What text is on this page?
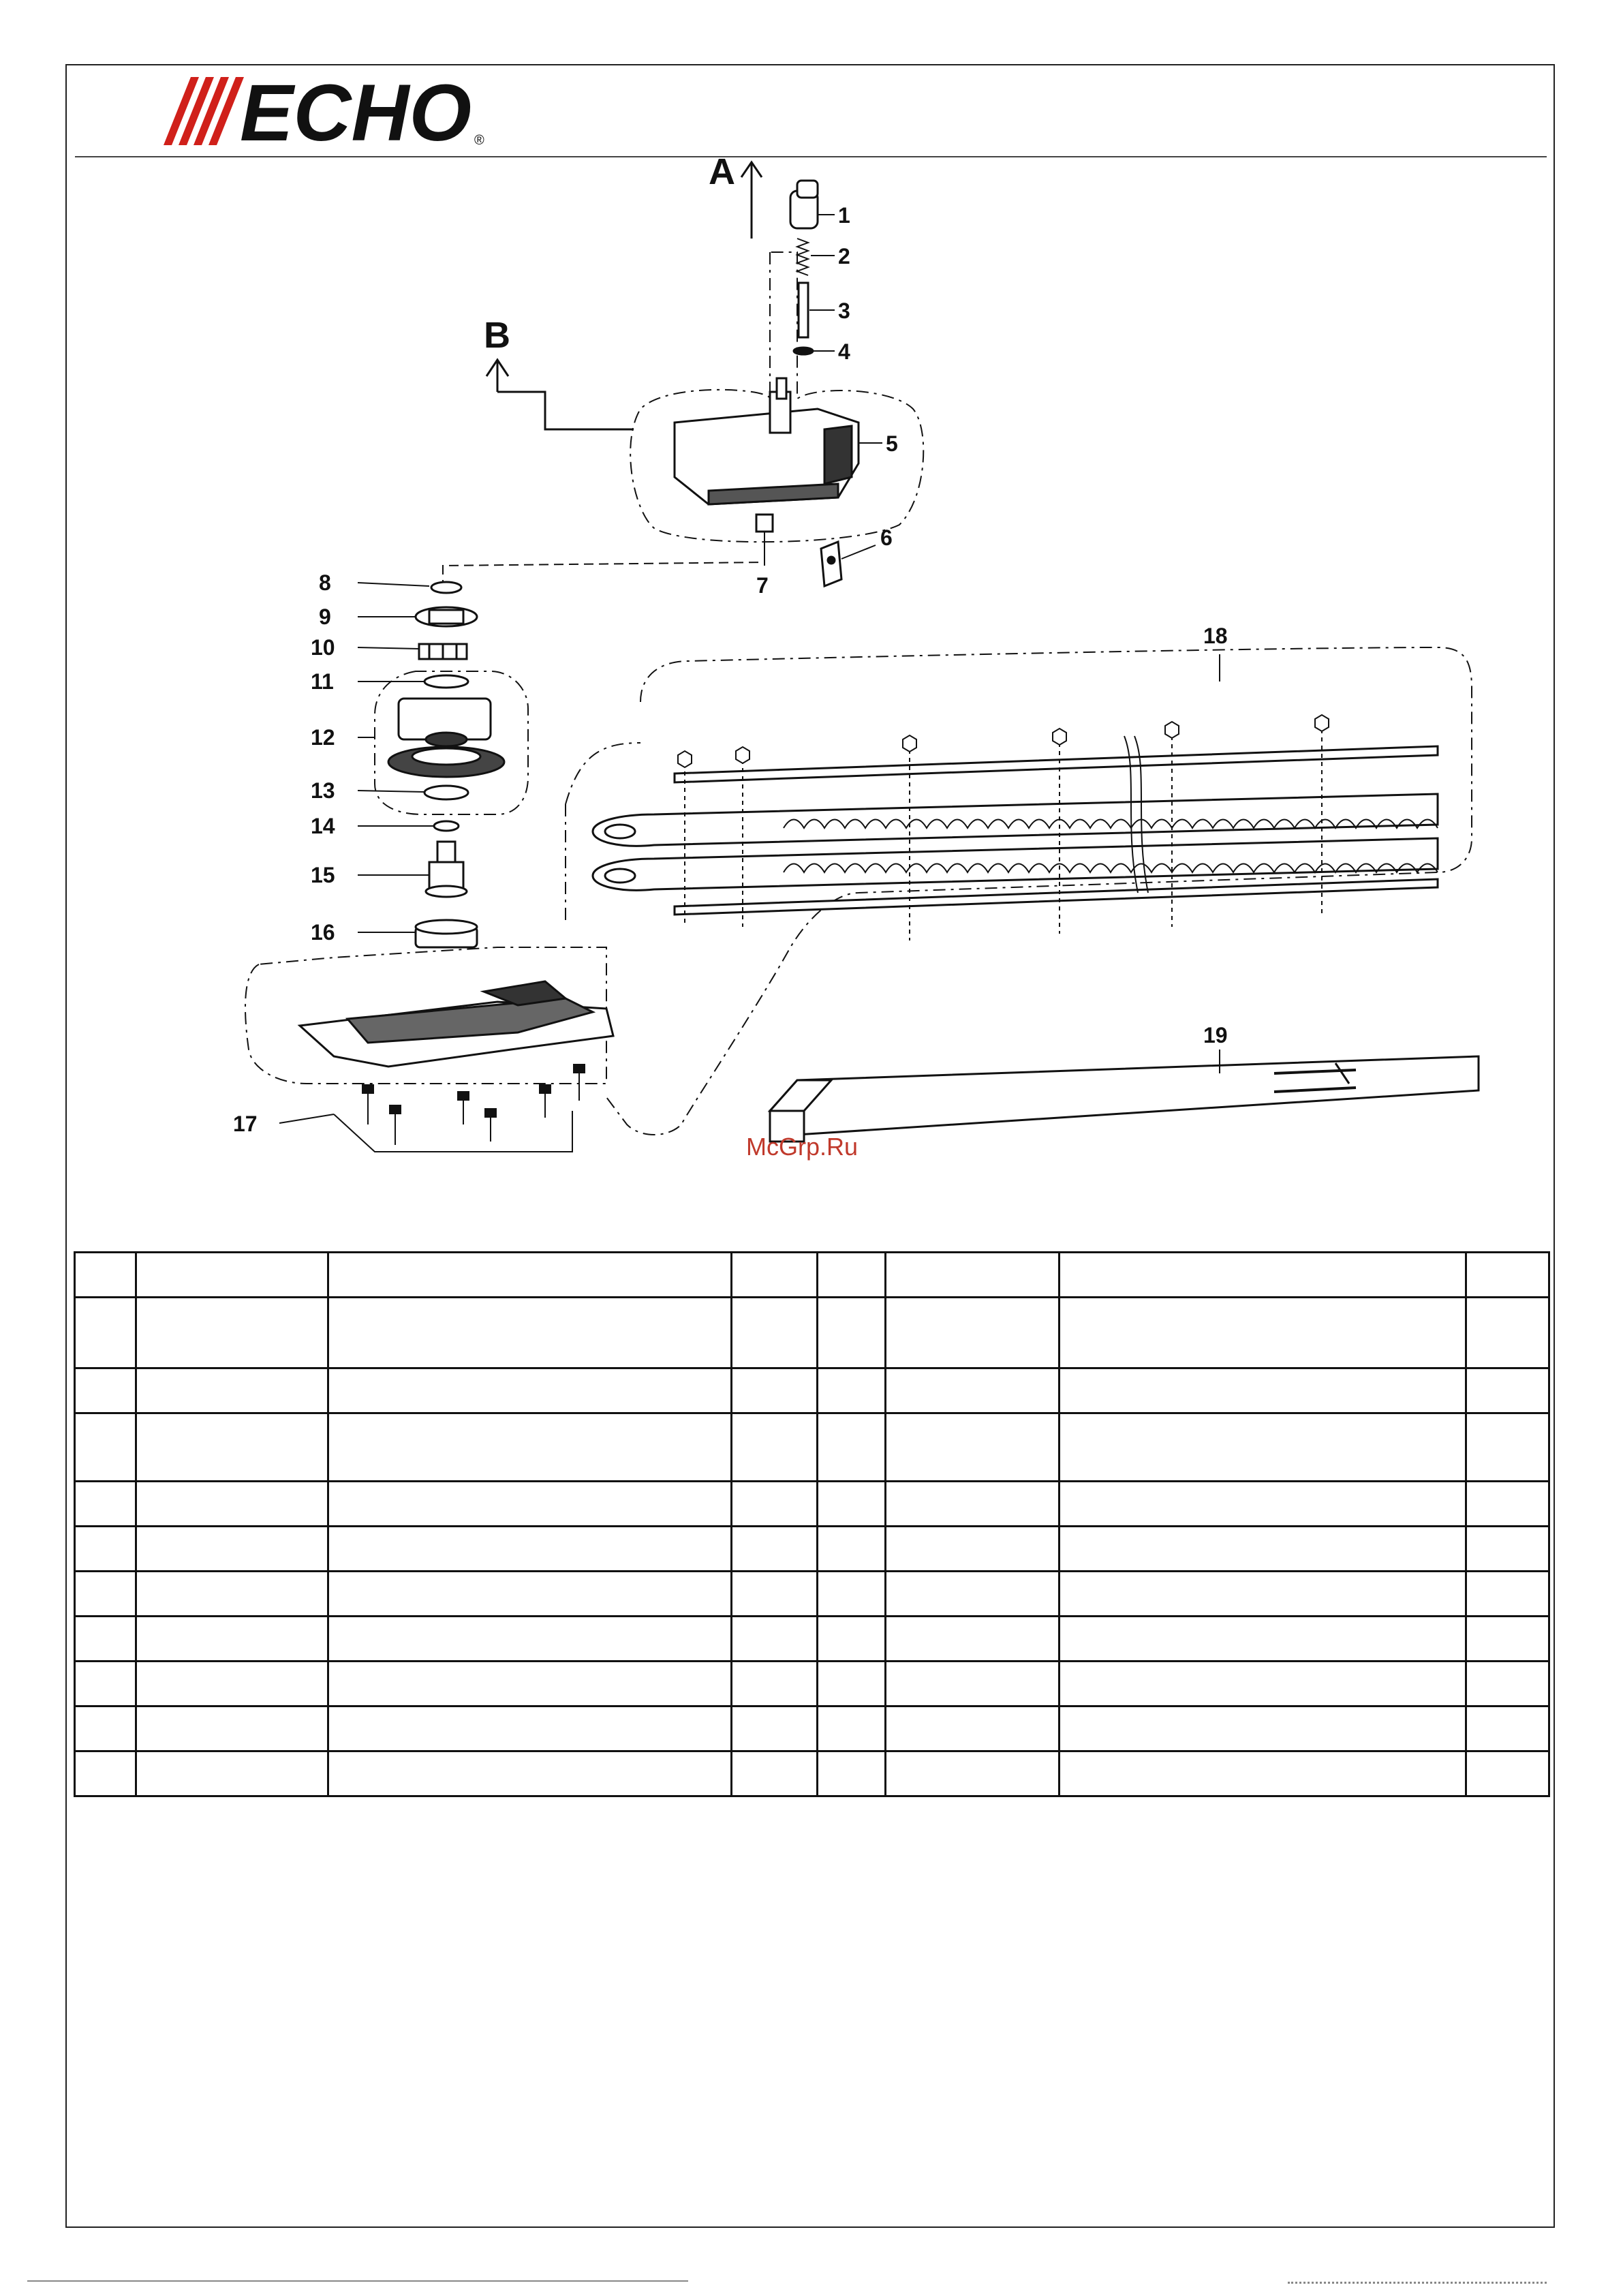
ECHO ®
A
B
1
2
3
4
5
6
7
8
9
10
11
12
13
14
15
16
17
18
19
McGrp.Ru
